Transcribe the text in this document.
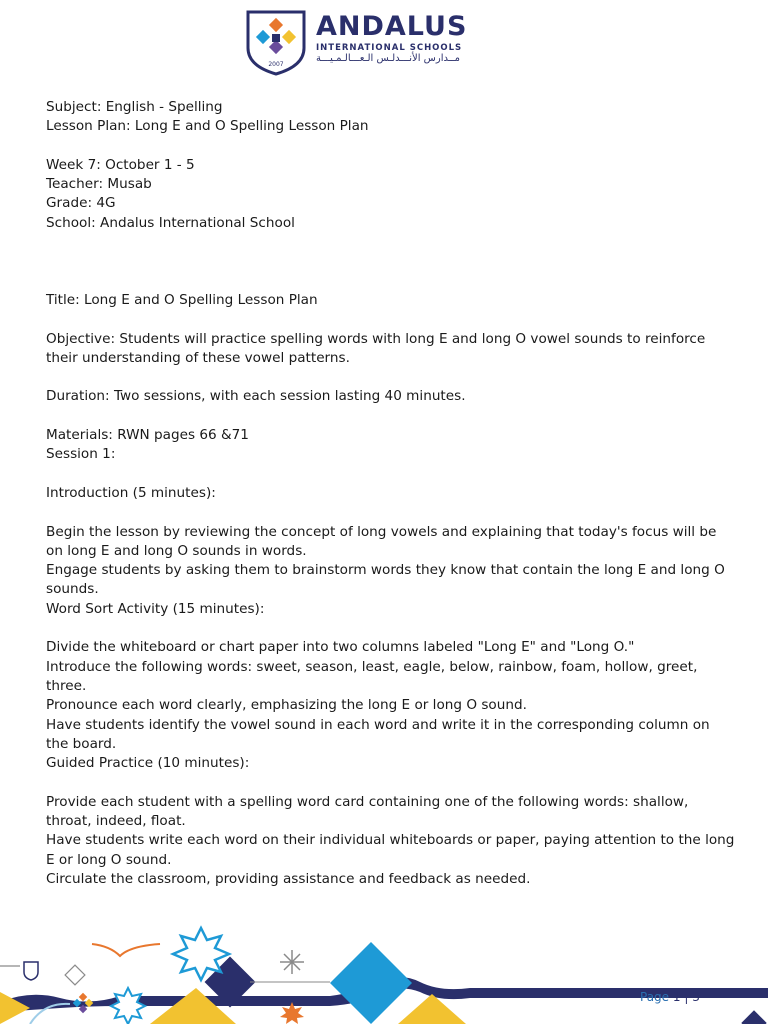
2007
ANDALUS
INTERNATIONAL SCHOOLS
مــدارس الأنـــدلـس الـعـــالـمـيـــة

Subject: English - Spelling

Lesson Plan: Long E and O Spelling Lesson Plan

Week 7: October 1 - 5

Teacher: Musab

Grade: 4G

School: Andalus International School

Title: Long E and O Spelling Lesson Plan

Objective: Students will practice spelling words with long E and long O vowel sounds to reinforce their understanding of these vowel patterns.

Duration: Two sessions, with each session lasting 40 minutes.

Materials: RWN pages 66 &71

Session 1:

Introduction (5 minutes):

Begin the lesson by reviewing the concept of long vowels and explaining that today's focus will be on long E and long O sounds in words.

Engage students by asking them to brainstorm words they know that contain the long E and long O sounds.

Word Sort Activity (15 minutes):

Divide the whiteboard or chart paper into two columns labeled "Long E" and "Long O."

Introduce the following words: sweet, season, least, eagle, below, rainbow, foam, hollow, greet, three.

Pronounce each word clearly, emphasizing the long E or long O sound.

Have students identify the vowel sound in each word and write it in the corresponding column on the board.

Guided Practice (10 minutes):

Provide each student with a spelling word card containing one of the following words: shallow, throat, indeed, float.

Have students write each word on their individual whiteboards or paper, paying attention to the long E or long O sound.

Circulate the classroom, providing assistance and feedback as needed.

Page 1 | 3
